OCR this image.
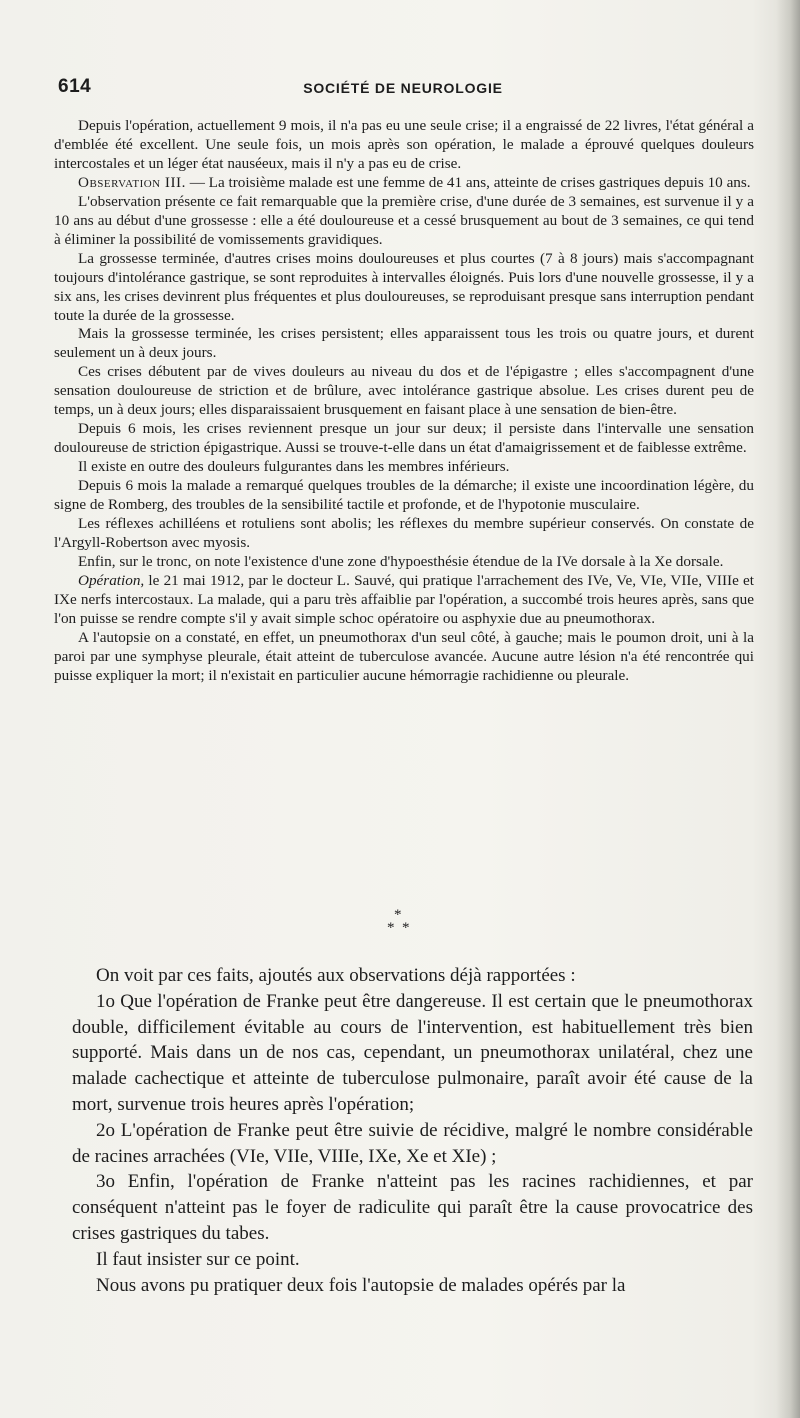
614	SOCIÉTÉ DE NEUROLOGIE

Depuis l'opération, actuellement 9 mois, il n'a pas eu une seule crise; il a engraissé de 22 livres, l'état général a d'emblée été excellent. Une seule fois, un mois après son opération, le malade a éprouvé quelques douleurs intercostales et un léger état nauséeux, mais il n'y a pas eu de crise.

Observation III. — La troisième malade est une femme de 41 ans, atteinte de crises gastriques depuis 10 ans.

L'observation présente ce fait remarquable que la première crise, d'une durée de 3 semaines, est survenue il y a 10 ans au début d'une grossesse : elle a été douloureuse et a cessé brusquement au bout de 3 semaines, ce qui tend à éliminer la possibilité de vomissements gravidiques.

La grossesse terminée, d'autres crises moins douloureuses et plus courtes (7 à 8 jours) mais s'accompagnant toujours d'intolérance gastrique, se sont reproduites à intervalles éloignés. Puis lors d'une nouvelle grossesse, il y a six ans, les crises devinrent plus fréquentes et plus douloureuses, se reproduisant presque sans interruption pendant toute la durée de la grossesse.

Mais la grossesse terminée, les crises persistent; elles apparaissent tous les trois ou quatre jours, et durent seulement un à deux jours.

Ces crises débutent par de vives douleurs au niveau du dos et de l'épigastre ; elles s'accompagnent d'une sensation douloureuse de striction et de brûlure, avec intolérance gastrique absolue. Les crises durent peu de temps, un à deux jours; elles disparaissaient brusquement en faisant place à une sensation de bien-être.

Depuis 6 mois, les crises reviennent presque un jour sur deux; il persiste dans l'intervalle une sensation douloureuse de striction épigastrique. Aussi se trouve-t-elle dans un état d'amaigrissement et de faiblesse extrême.

Il existe en outre des douleurs fulgurantes dans les membres inférieurs.

Depuis 6 mois la malade a remarqué quelques troubles de la démarche; il existe une incoordination légère, du signe de Romberg, des troubles de la sensibilité tactile et profonde, et de l'hypotonie musculaire.

Les réflexes achilléens et rotuliens sont abolis; les réflexes du membre supérieur conservés. On constate de l'Argyll-Robertson avec myosis.

Enfin, sur le tronc, on note l'existence d'une zone d'hypoesthésie étendue de la IVe dorsale à la Xe dorsale.

Opération, le 21 mai 1912, par le docteur L. Sauvé, qui pratique l'arrachement des IVe, Ve, VIe, VIIe, VIIIe et IXe nerfs intercostaux. La malade, qui a paru très affaiblie par l'opération, a succombé trois heures après, sans que l'on puisse se rendre compte s'il y avait simple schoc opératoire ou asphyxie due au pneumothorax.

A l'autopsie on a constaté, en effet, un pneumothorax d'un seul côté, à gauche; mais le poumon droit, uni à la paroi par une symphyse pleurale, était atteint de tuberculose avancée. Aucune autre lésion n'a été rencontrée qui puisse expliquer la mort; il n'existait en particulier aucune hémorragie rachidienne ou pleurale.

*
* *

On voit par ces faits, ajoutés aux observations déjà rapportées :

1o Que l'opération de Franke peut être dangereuse. Il est certain que le pneumothorax double, difficilement évitable au cours de l'intervention, est habituellement très bien supporté. Mais dans un de nos cas, cependant, un pneumothorax unilatéral, chez une malade cachectique et atteinte de tuberculose pulmonaire, paraît avoir été cause de la mort, survenue trois heures après l'opération;

2o L'opération de Franke peut être suivie de récidive, malgré le nombre considérable de racines arrachées (VIe, VIIe, VIIIe, IXe, Xe et XIe) ;

3o Enfin, l'opération de Franke n'atteint pas les racines rachidiennes, et par conséquent n'atteint pas le foyer de radiculite qui paraît être la cause provocatrice des crises gastriques du tabes.

Il faut insister sur ce point.

Nous avons pu pratiquer deux fois l'autopsie de malades opérés par la
